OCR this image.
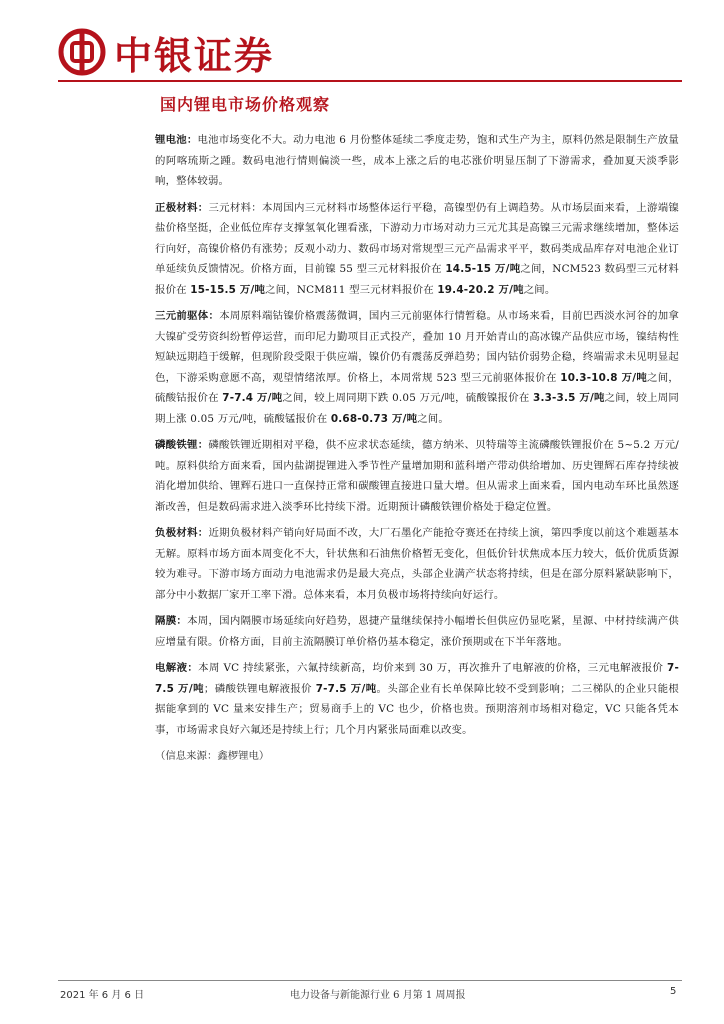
中银证券
国内锂电市场价格观察

锂电池：电池市场变化不大。动力电池 6 月份整体延续二季度走势，饱和式生产为主，原料仍然是限制生产放量的阿喀琉斯之踵。数码电池行情则偏淡一些，成本上涨之后的电芯涨价明显压制了下游需求，叠加夏天淡季影响，整体较弱。

正极材料：三元材料：本周国内三元材料市场整体运行平稳，高镍型仍有上调趋势。从市场层面来看，上游端镍盐价格坚挺，企业低位库存支撑氢氧化锂看涨，下游动力市场对动力三元尤其是高镍三元需求继续增加，整体运行向好，高镍价格仍有涨势；反观小动力、数码市场对常规型三元产品需求平平，数码类成品库存对电池企业订单延续负反馈情况。价格方面，目前镍 55 型三元材料报价在 14.5-15 万/吨之间，NCM523 数码型三元材料报价在 15-15.5 万/吨之间，NCM811 型三元材料报价在 19.4-20.2 万/吨之间。

三元前驱体：本周原料端钴镍价格震荡微调，国内三元前驱体行情暂稳。从市场来看，目前巴西淡水河谷的加拿大镍矿受劳资纠纷暂停运营，而印尼力勤项目正式投产，叠加 10 月开始青山的高冰镍产品供应市场，镍结构性短缺远期趋于缓解，但现阶段受限于供应端，镍价仍有震荡反弹趋势；国内钴价弱势企稳，终端需求未见明显起色，下游采购意愿不高，观望情绪浓厚。价格上，本周常规 523 型三元前驱体报价在 10.3-10.8 万/吨之间，硫酸钴报价在 7-7.4 万/吨之间，较上周同期下跌 0.05 万元/吨，硫酸镍报价在 3.3-3.5 万/吨之间，较上周同期上涨 0.05 万元/吨，硫酸锰报价在 0.68-0.73 万/吨之间。

磷酸铁锂：磷酸铁锂近期相对平稳，供不应求状态延续，德方纳米、贝特瑞等主流磷酸铁锂报价在 5~5.2 万元/吨。原料供给方面来看，国内盐湖提锂进入季节性产量增加期和蓝科增产带动供给增加、历史锂辉石库存持续被消化增加供给、锂辉石进口一直保持正常和碳酸锂直接进口量大增。但从需求上面来看，国内电动车环比虽然逐渐改善，但是数码需求进入淡季环比持续下滑。近期预计磷酸铁锂价格处于稳定位置。

负极材料：近期负极材料产销向好局面不改，大厂石墨化产能抢夺赛还在持续上演，第四季度以前这个难题基本无解。原料市场方面本周变化不大，针状焦和石油焦价格暂无变化，但低价针状焦成本压力较大，低价优质货源较为难寻。下游市场方面动力电池需求仍是最大亮点，头部企业满产状态将持续，但是在部分原料紧缺影响下，部分中小数据厂家开工率下滑。总体来看，本月负极市场将持续向好运行。

隔膜：本周，国内隔膜市场延续向好趋势，恩捷产量继续保持小幅增长但供应仍显吃紧，星源、中材持续满产供应增量有限。价格方面，目前主流隔膜订单价格仍基本稳定，涨价预期或在下半年落地。

电解液：本周 VC 持续紧张，六氟持续新高，均价来到 30 万，再次推升了电解液的价格，三元电解液报价 7-7.5 万/吨；磷酸铁锂电解液报价 7-7.5 万/吨。头部企业有长单保障比较不受到影响；二三梯队的企业只能根据能拿到的 VC 量来安排生产；贸易商手上的 VC 也少，价格也贵。预期溶剂市场相对稳定，VC 只能各凭本事，市场需求良好六氟还是持续上行；几个月内紧张局面难以改变。

（信息来源：鑫椤锂电）
2021 年 6 月 6 日	电力设备与新能源行业 6 月第 1 周周报	5
